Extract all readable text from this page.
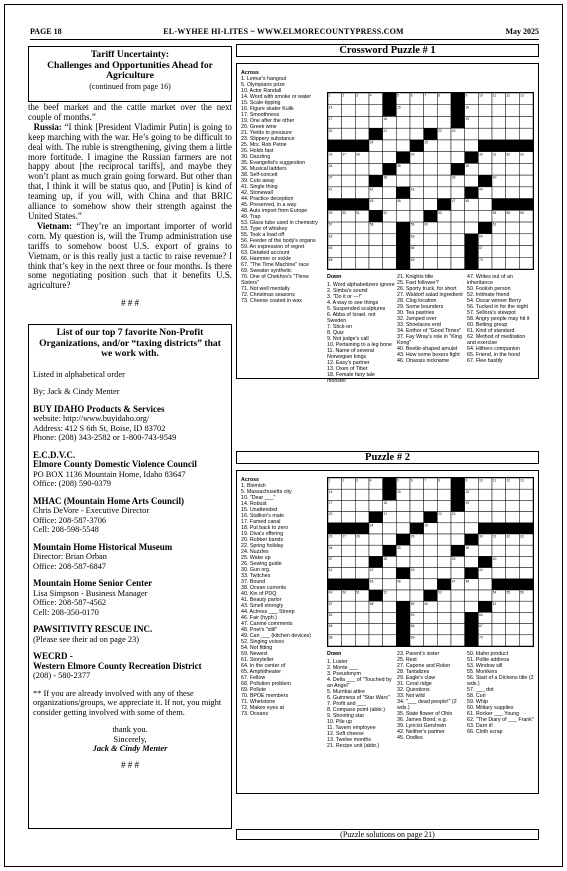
PAGE 18	EL-WYHEE HI-LITES ~ WWW.ELMORECOUNTYPRESS.COM	May 2025
Tariff Uncertainty:
Challenges and Opportunities Ahead for Agriculture
(continued from page 16)

the beef market and the cattle market over the next couple of months.”

Russia: “I think [President Vladimir Putin] is going to keep marching with the war. He’s going to be difficult to deal with. The ruble is strengthening, giving them a little more fortitude. I imagine the Russian farmers are not happy about [the reciprocal tariffs], and maybe they won’t plant as much grain going forward. But other than that, I think it will be status quo, and [Putin] is kind of teaming up, if you will, with China and that BRIC alliance to somehow show their strength against the United States.”

Vietnam: “They’re an important importer of world corn. My question is, will the Trump administration use tariffs to somehow boost U.S. export of grains to Vietnam, or is this really just a tactic to raise revenue? I think that’s key in the next three or four months. Is there some negotiating position such that it benefits U.S. agriculture?

# # #
List of our top 7 favorite Non-Profit Organizations, and/or “taxing districts” that we work with.

Listed in alphabetical order

By; Jack & Cindy Menter

BUY IDAHO Products & Services
website: http://www.buyidaho.org/
Address: 412 S 6th St, Boise, ID 83702
Phone: (208) 343-2582 or 1-800-743-9549

E.C.D.V.C.
Elmore County Domestic Violence Council
PO BOX 1136 Mountain Home, Idaho 83647
Office: (208) 590-0379

MHAC (Mountain Home Arts Council)
Chris DeVore - Executive Director
Office: 208-587-3706
Cell: 208-598-5548

Mountain Home Historical Museum
Director: Brian Orban
Office: 208-587-6847

Mountain Home Senior Center
Lisa Simpson - Business Manager
Office: 208-587-4562
Cell: 208-350-0170

PAWSITIVITY RESCUE INC.
(Please see their ad on page 23)

WECRD -
Western Elmore County Recreation District
(208) - 580-2377

** If you are already involved with any of these organizations/groups, we appreciate it. If not, you might consider getting involved with some of them.

thank you.
Sincerely,
Jack & Cindy Menter
# # #
Crossword Puzzle # 1
Across
1. Lemur's hangout
5. Olympians prize
10. Actor Randall
14. Word with smoke or water
15. Scale-tipping
16. Figure skater Kulik
17. Smoothness
19. One after the other
20. Greek wine
21. Yields to pressure
23. Slippery substance
25. Mrs. Rob Petrie
26. Holds fast
30. Dazzling
35. Evangelist's suggestion
36. Musical ladders
38. Self-conceit
39. Cuts away
41. Single thing
42. Stonewall
44. Practice deception
45. Preserved, in a way
48. Auto import from Europe
49. Trap
53. Glass tube used in chemistry
53. Type of whiskey
55. Took a load off
56. Feeder of the body's organs
59. An expression of regret
63. Detailed account
66. Hammer or sickle
67. "The Time Machine" race
69. Sweater synthetic
70. One of Chekhov's "Three Sisters"
71. Not well mentally
72. Christmas seasons
73. Cheese coated in wax
1	2	3	4	5	6	7	8	9	10	11	12	13
14	15	16
17	18	19
20	21	22	23
24	25
26	27	28	29	30	31	32	33
34	35	36
37	38	39	40
41	42	43	44
45	46	47	48
49	50	51	52	53	54	55	56
57	58	59	60	61
62	63	64
65	66	67
68	69	70
Down
1. Word alphabetizers ignore
2. Simba's sound
3. "Do it or ---!"
4. A way to see things
5. Suspended sculptures
6. Abba of Israel, not Sweden
7. Stick-on
8. Quiz
9. Not judge's call
10. Pertaining to a leg bone
11. Name of several Norwegian kings
12. Easy's partner
13. Oxen of Tibet
18. Female fairy tale monster
21. Knights title
25. Fast follower?
26. Sporty truck, for short
27. Waldorf salad ingredient
28. Clog location
29. Some bounders
30. Tea pastries
32. Jumped over
33. Shoelaces end
34. Enthor of "Good Times"
37. Fay Wray's role in "King Kong"
40. Beetle-shaped amulet
43. How some boxers fight
46. Onassis nickname
47. Writes out of an inheritance
50. Foolish person
52. Intimate friend
54. Oscar winner Berry
56. Tucked in for the night
57. Sellora's stewpot
58. Angry people may hit it
60. Betting group
61. Kind of standard
62. Method of meditation and exercise
64. Hithers companion
65. Friend, in the hood
67. Flee hastily
Puzzle # 2
Across
1. Blemish
5. Massachusetts city
10. "Dear ___"
14. Robust
15. Unattended
16. Stallion's mate
17. Famed canal
18. Put back to zero
19. Diva's offering
20. Rubber bands
22. Spring holiday
24. Nuzzles
25. Wake up
26. Sewing guide
30. Gun org.
33. Twitches
37. Bound
38. Ocean currents
40. Kin of PDQ
41. Beauty parlor
43. Smell strongly
44. Actress ___ Streep
46. Fair (hyph.)
47. Canine comments
48. Poet's "still"
49. Can ___ (kitchen devices)
52. Singing voices
54. Not fitting
59. Newest
61. Storyteller
64. In the center of
65. Amphitheater
67. Fellow
68. Pollution problem
69. Pollute
70. BPOE members
71. Whetstone
72. Makes eyes at
73. Oceans
1	2	3	4	5	6	7	8	9	10	11	12	13
14	15	16
17	18	19
20	21	22	23
24	25
26	27	28	29	30	31	32	33
34	35	36
37	38	39	40
41	42	43	44
45	46	47	48
49	50	51	52	53	54	55	56
57	58	59	60	61
62	63	64
65	66	67
68	69	70
Down
1. Luster
2. Monte ___
3. Pseudonym
4. Della ___ of "Touched by an Angel"
5. Mumbai attire
6. Guinness of "Star Wars"
7. Profit and ___
8. Compass point (abbr.)
9. Shooting star
10. Pile up
11. Tavern employee
12. Soft cheese
13. Twelve months
21. Recipe unit (abbr.)
23. Parent's sister
25. Rest
27. Capone and Roker
28. Tantalizes
29. Eagle's claw
31. Coral ridge
32. Questions
33. Not wild
34. "___ dead people!" (2 wds.)
35. State flower of Ohio
36. James Bond, e.g.
39. Lyricist Gershwin
42. Neither's partner
45. Oodles
50. Idaho product
51. Polite address
53. Window sill
55. Monikers
56. Start of a Dickens title (2 wds.)
57. ___ dot
58. Curl
59. Whip
60. Military supplies
61. Rocker ___ Young
62. "The Diary of ___ Frank"
63. Darn it!
66. Cloth scrap
(Puzzle solutions on page 21)
